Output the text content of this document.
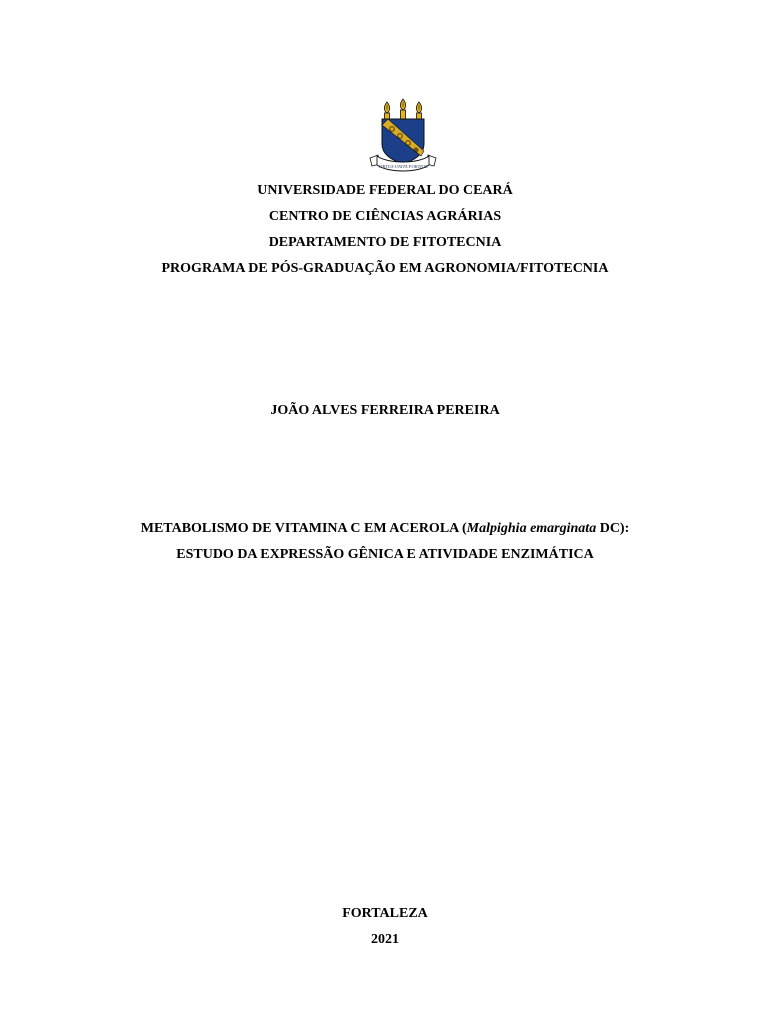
VIRTUS UNITA FORTIOR
UNIVERSIDADE FEDERAL DO CEARÁ
CENTRO DE CIÊNCIAS AGRÁRIAS
DEPARTAMENTO DE FITOTECNIA
PROGRAMA DE PÓS-GRADUAÇÃO EM AGRONOMIA/FITOTECNIA
JOÃO ALVES FERREIRA PEREIRA
METABOLISMO DE VITAMINA C EM ACEROLA (Malpighia emarginata DC):
ESTUDO DA EXPRESSÃO GÊNICA E ATIVIDADE ENZIMÁTICA
FORTALEZA
2021
